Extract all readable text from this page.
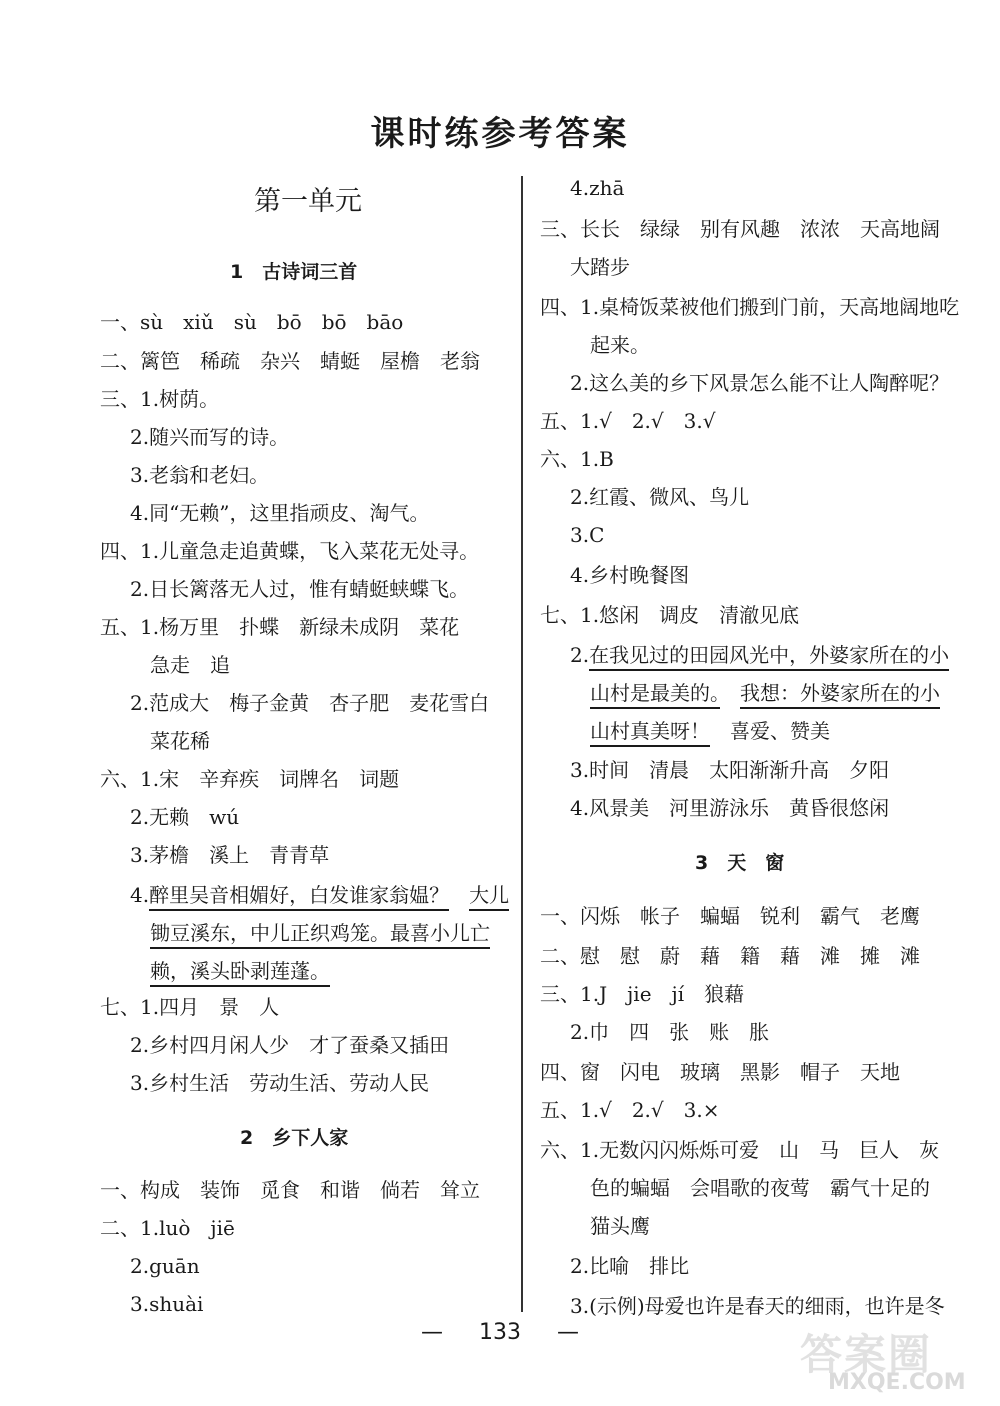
课时练参考答案
第一单元
1　 古诗词三首
一、sù　xiǔ　sù　bō　bō　bāo
二、篱笆　稀疏　杂兴　蜻蜓　屋檐　老翁
三、1.树荫。
2.随兴而写的诗。
3.老翁和老妇。
4.同“无赖”，这里指顽皮、淘气。
四、1.儿童急走追黄蝶，飞入菜花无处寻。
2.日长篱落无人过，惟有蜻蜓蛱蝶飞。
五、1.杨万里　扑蝶　新绿未成阴　菜花
急走　追
2.范成大　梅子金黄　杏子肥　麦花雪白
菜花稀
六、1.宋　辛弃疾　词牌名　词题
2.无赖　wú
3.茅檐　溪上　青青草
4.醉里吴音相媚好，白发谁家翁媪？　 大儿
锄豆溪东，中儿正织鸡笼。最喜小儿亡
赖，溪头卧剥莲蓬。
七、1.四月　景　人
2.乡村四月闲人少　才了蚕桑又插田
3.乡村生活　劳动生活、劳动人民
2　 乡下人家
一、构成　装饰　觅食　和谐　倘若　耸立
二、1.luò　jiē
2.guān
3.shuài
4.zhā
三、长长　绿绿　别有风趣　浓浓　天高地阔
大踏步
四、1.桌椅饭菜被他们搬到门前，天高地阔地吃
起来。
2.这么美的乡下风景怎么能不让人陶醉呢？
五、1.√　2.√　3.√
六、1.B
2.红霞、微风、鸟儿
3.C
4.乡村晚餐图
七、1.悠闲　调皮　清澈见底
2.在我见过的田园风光中，外婆家所在的小
山村是最美的。　 我想：外婆家所在的小
山村真美呀！　喜爱、赞美
3.时间　清晨　太阳渐渐升高　夕阳
4.风景美　河里游泳乐　黄昏很悠闲
3　 天　窗
一、闪烁　帐子　蝙蝠　锐利　霸气　老鹰
二、慰　慰　蔚　藉　籍　藉　滩　摊　滩
三、1.J　jie　jí　狼藉
2.巾　四　张　账　胀
四、窗　闪电　玻璃　黑影　帽子　天地
五、1.√　2.√　3.×
六、1.无数闪闪烁烁可爱　山　马　巨人　灰
色的蝙蝠　会唱歌的夜莺　霸气十足的
猫头鹰
2.比喻　排比
3.(示例)母爱也许是春天的细雨，也许是冬
— 　 133 　 —	答案圈
MXQE.COM
